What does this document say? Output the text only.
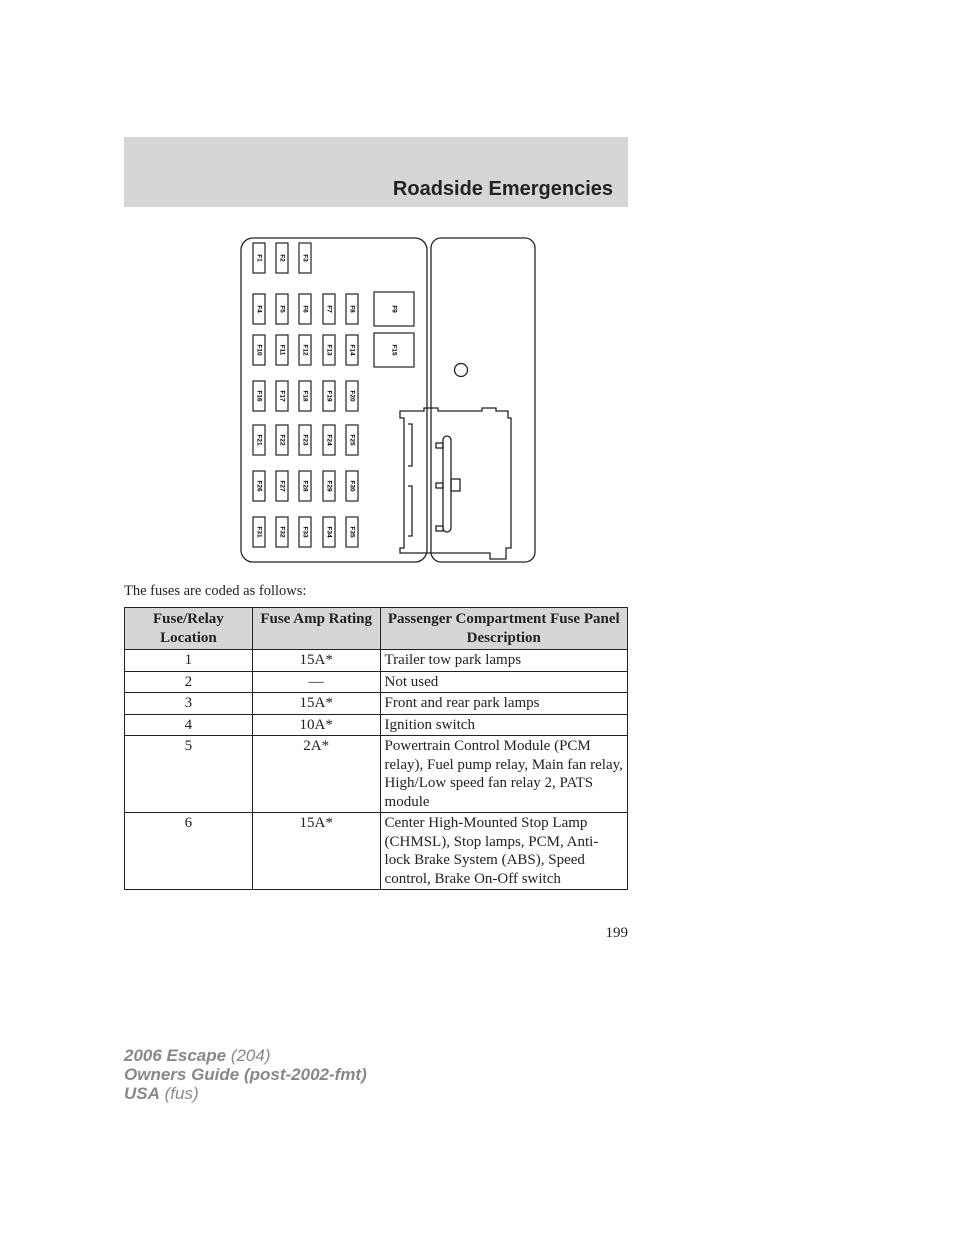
Roadside Emergencies
F1 F2 F3
F4 F5 F6	F7 F8
F10 F11 F12	F13 F14
F16 F17 F18	F19 F20
F21 F22 F23	F24 F25
F26 F27 F28	F29 F30
F31 F32 F33	F34 F35
F9
F15

The fuses are coded as follows:

Fuse/Relay Location	Fuse Amp Rating	Passenger Compartment Fuse Panel Description
1	15A*	Trailer tow park lamps
2	—	Not used
3	15A*	Front and rear park lamps
4	10A*	Ignition switch
5	2A*	Powertrain Control Module (PCM relay), Fuel pump relay, Main fan relay, High/Low speed fan relay 2, PATS module
6	15A*	Center High-Mounted Stop Lamp (CHMSL), Stop lamps, PCM, Anti-lock Brake System (ABS), Speed control, Brake On-Off switch

199

2006 Escape (204)
Owners Guide (post-2002-fmt)
USA (fus)
